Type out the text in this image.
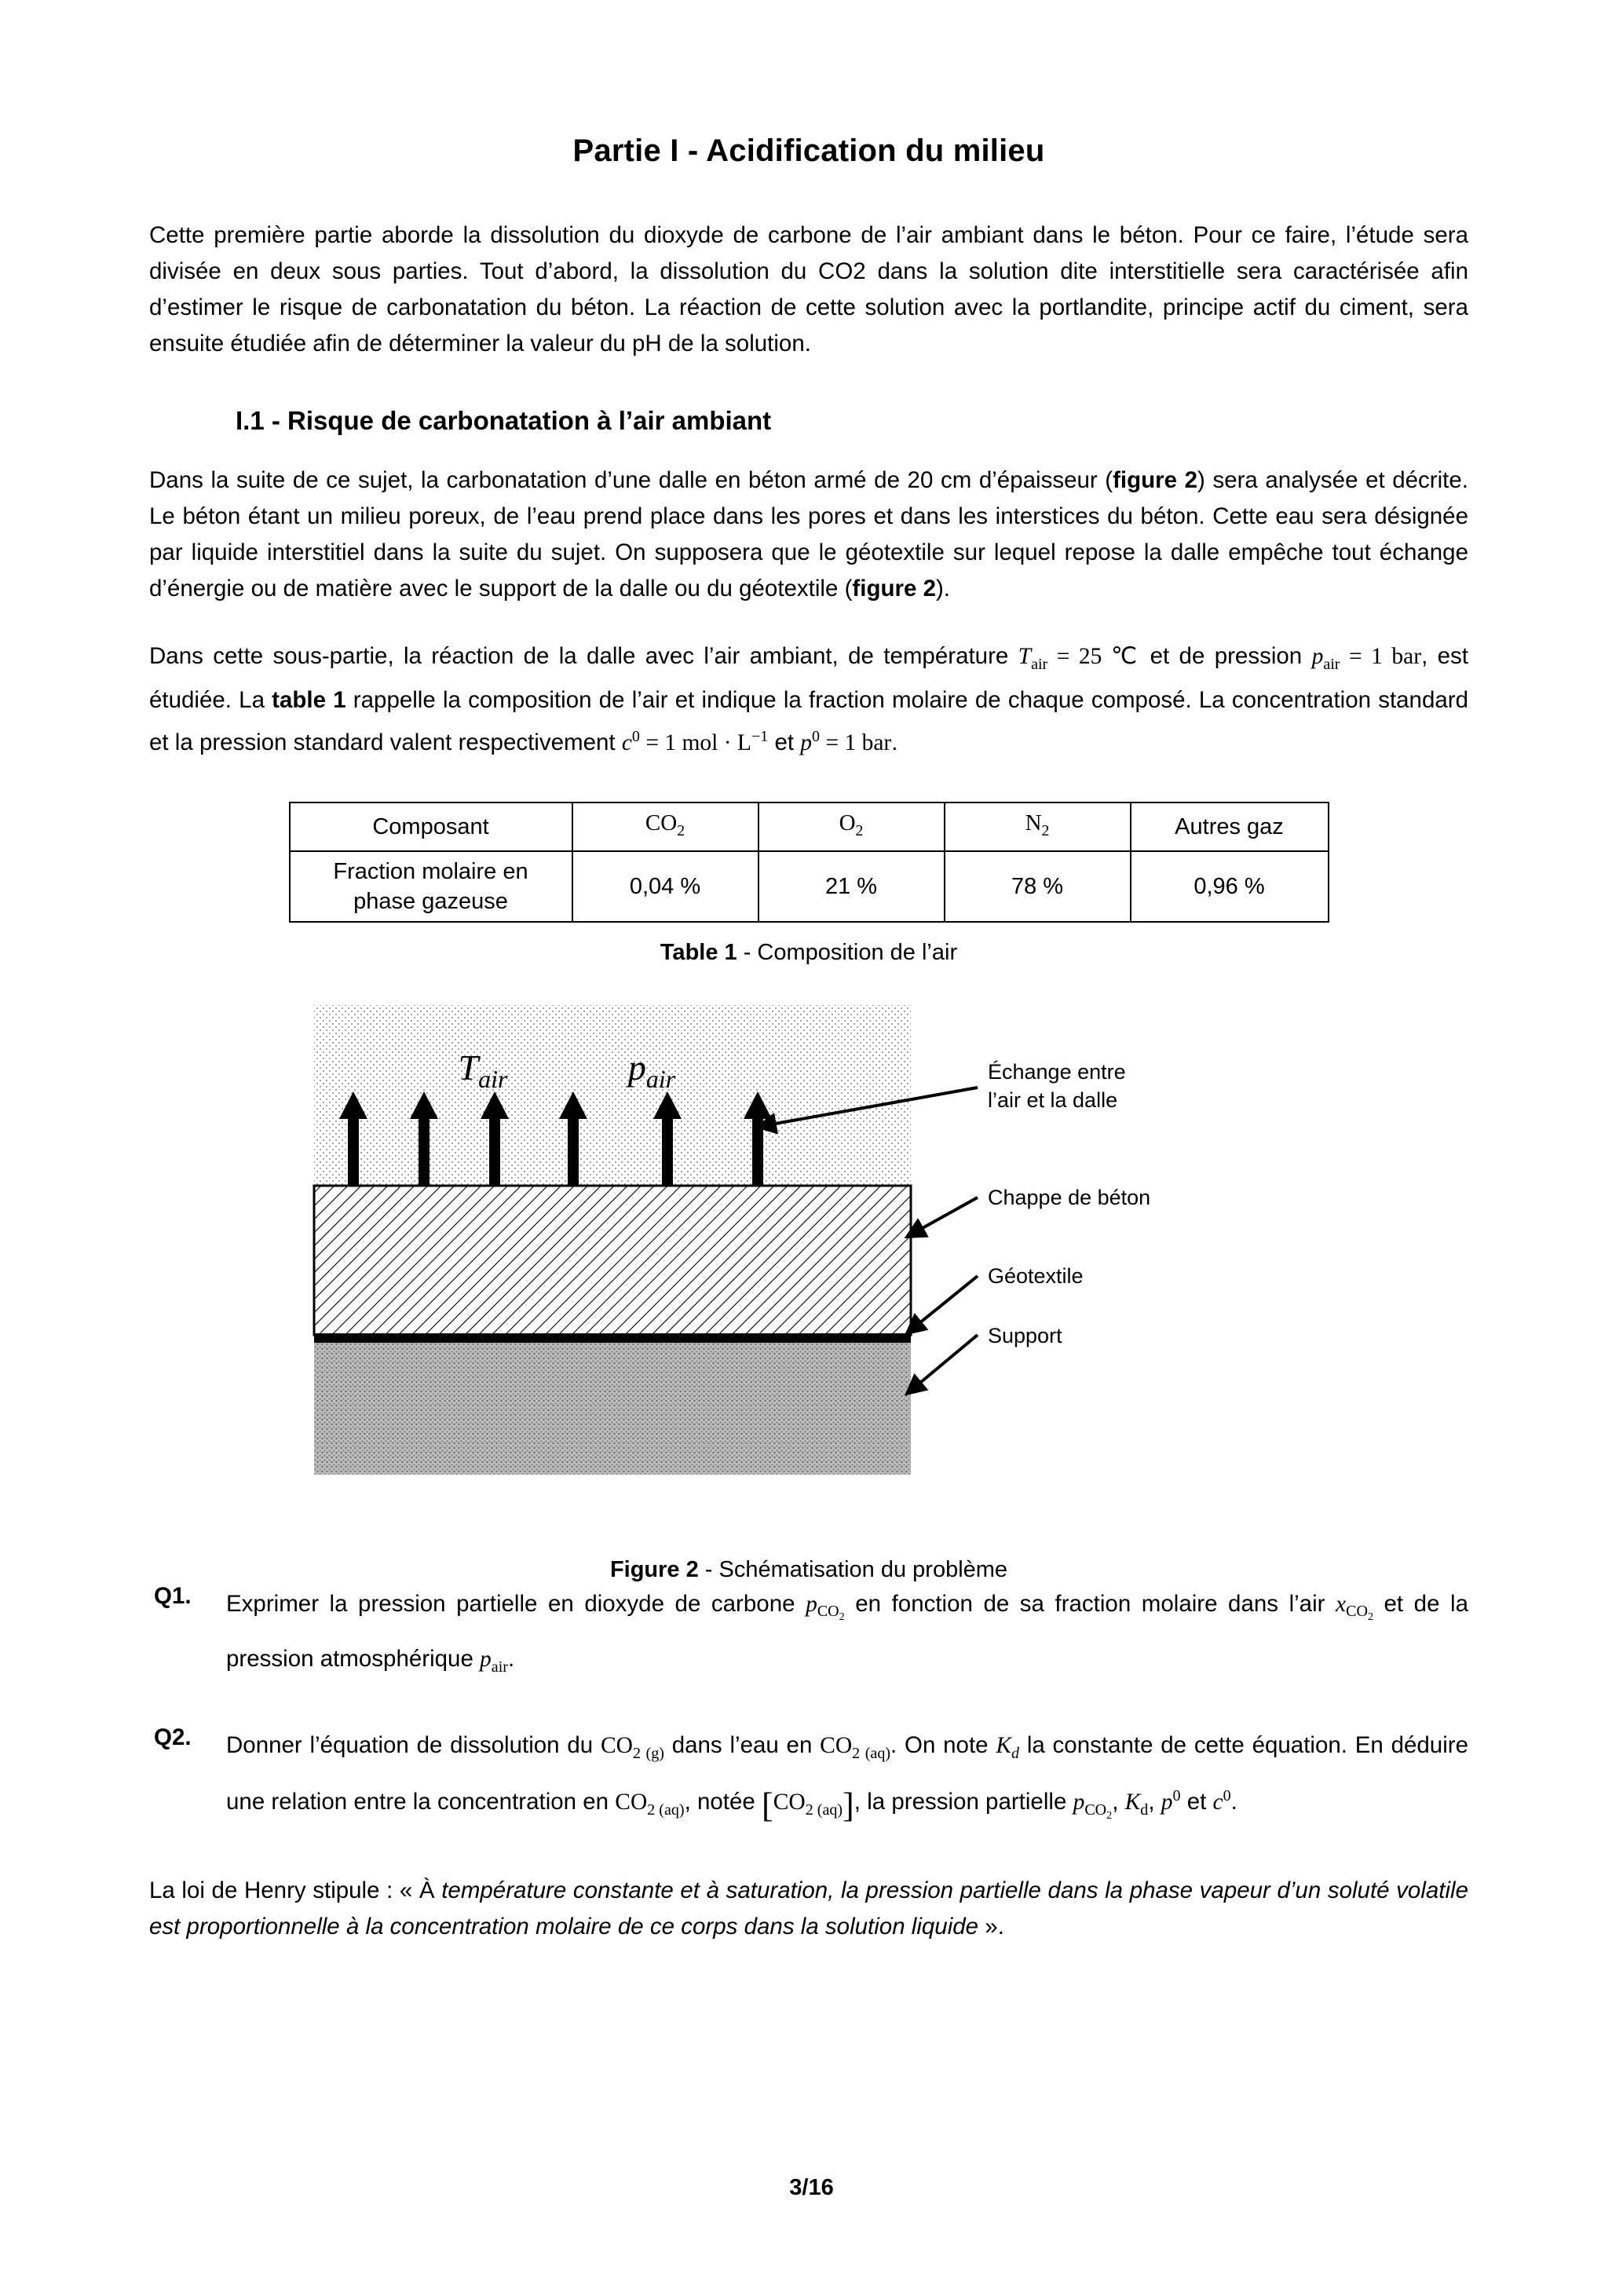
Partie I - Acidification du milieu

Cette première partie aborde la dissolution du dioxyde de carbone de l’air ambiant dans le béton. Pour ce faire, l’étude sera divisée en deux sous parties. Tout d’abord, la dissolution du CO2 dans la solution dite interstitielle sera caractérisée afin d’estimer le risque de carbonatation du béton. La réaction de cette solution avec la portlandite, principe actif du ciment, sera ensuite étudiée afin de déterminer la valeur du pH de la solution.

I.1 - Risque de carbonatation à l’air ambiant

Dans la suite de ce sujet, la carbonatation d’une dalle en béton armé de 20 cm d’épaisseur (figure 2) sera analysée et décrite. Le béton étant un milieu poreux, de l’eau prend place dans les pores et dans les interstices du béton. Cette eau sera désignée par liquide interstitiel dans la suite du sujet. On supposera que le géotextile sur lequel repose la dalle empêche tout échange d’énergie ou de matière avec le support de la dalle ou du géotextile (figure 2).

Dans cette sous-partie, la réaction de la dalle avec l’air ambiant, de température $T_{air} = 25$ ℃ et de pression $p_{air} = 1$ bar, est étudiée. La table 1 rappelle la composition de l’air et indique la fraction molaire de chaque composé. La concentration standard et la pression standard valent respectivement $c^0 = 1$ mol · $L^{-1}$ et $p^0 = 1$ bar.

Composant	$CO_2$	$O_2$	$N_2$	Autres gaz
Fraction molaire en
phase gazeuse	0,04 %	21 %	78 %	0,96 %
Table 1 - Composition de l’air
$T_{air}$	$p_{air}$	Échange entre
l’air et la dalle
Chappe de béton
Géotextile
Support
Figure 2 - Schématisation du problème
Q1.	Exprimer la pression partielle en dioxyde de carbone $p_{CO_2}$ en fonction de sa fraction molaire dans l’air $x_{CO_2}$ et de la pression atmosphérique $p_{air}$.
Q2.	Donner l’équation de dissolution du $CO_{2 (g)}$ dans l’eau en $CO_{2 (aq)}$. On note $K_d$ la constante de cette équation. En déduire une relation entre la concentration en $CO_{2 (aq)}$, notée $[CO_{2 (aq)}]$, la pression partielle $p_{CO_2}$, $K_d$, $p^0$ et $c^0$.

La loi de Henry stipule : « À température constante et à saturation, la pression partielle dans la phase vapeur d’un soluté volatile est proportionnelle à la concentration molaire de ce corps dans la solution liquide ».

3/16
